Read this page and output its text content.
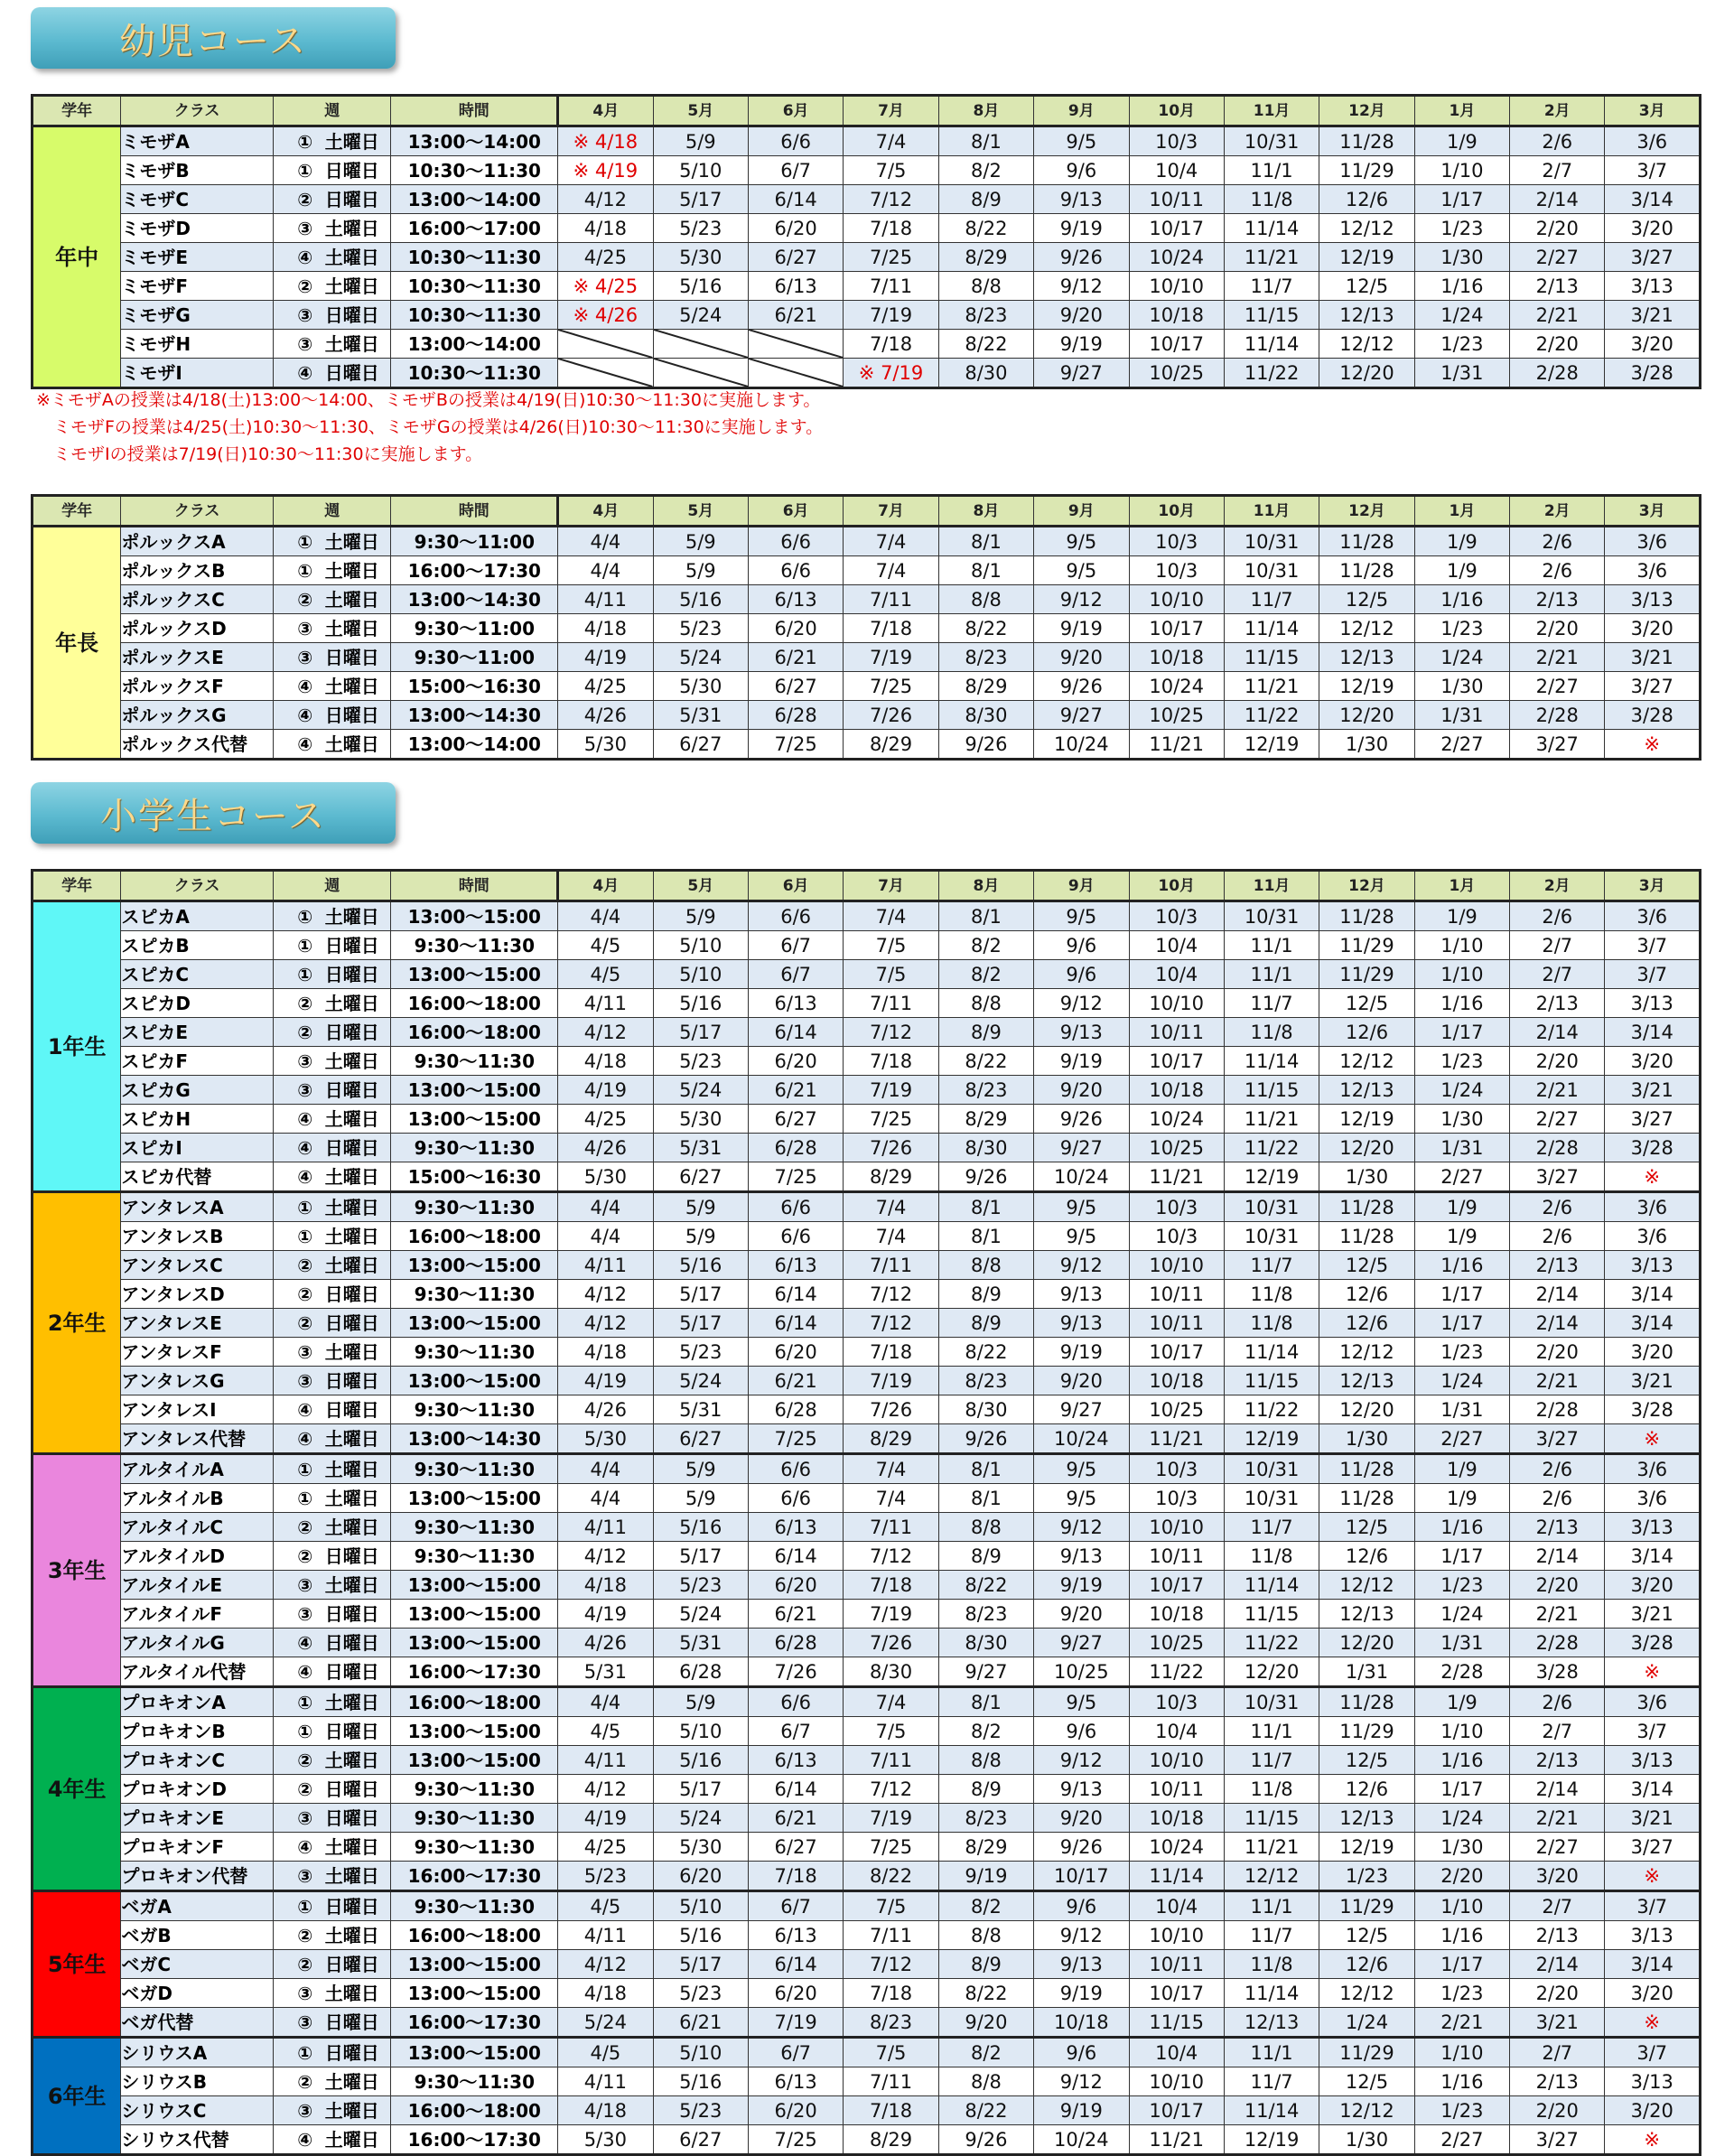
幼児コース
小学生コース
学年	クラス	週	時間	4月	5月	6月	7月	8月	9月	10月	11月	12月	1月	2月	3月
年中	ミモザA	① 土曜日	13:00〜14:00	※ 4/18	5/9	6/6	7/4	8/1	9/5	10/3	10/31	11/28	1/9	2/6	3/6
	ミモザB	① 日曜日	10:30〜11:30	※ 4/19	5/10	6/7	7/5	8/2	9/6	10/4	11/1	11/29	1/10	2/7	3/7
	ミモザC	② 日曜日	13:00〜14:00	4/12	5/17	6/14	7/12	8/9	9/13	10/11	11/8	12/6	1/17	2/14	3/14
	ミモザD	③ 土曜日	16:00〜17:00	4/18	5/23	6/20	7/18	8/22	9/19	10/17	11/14	12/12	1/23	2/20	3/20
	ミモザE	④ 土曜日	10:30〜11:30	4/25	5/30	6/27	7/25	8/29	9/26	10/24	11/21	12/19	1/30	2/27	3/27
	ミモザF	② 土曜日	10:30〜11:30	※ 4/25	5/16	6/13	7/11	8/8	9/12	10/10	11/7	12/5	1/16	2/13	3/13
	ミモザG	③ 日曜日	10:30〜11:30	※ 4/26	5/24	6/21	7/19	8/23	9/20	10/18	11/15	12/13	1/24	2/21	3/21
	ミモザH	③ 土曜日	13:00〜14:00				7/18	8/22	9/19	10/17	11/14	12/12	1/23	2/20	3/20
	ミモザI	④ 日曜日	10:30〜11:30				※ 7/19	8/30	9/27	10/25	11/22	12/20	1/31	2/28	3/28
学年	クラス	週	時間	4月	5月	6月	7月	8月	9月	10月	11月	12月	1月	2月	3月
年長	ポルックスA	① 土曜日	9:30〜11:00	4/4	5/9	6/6	7/4	8/1	9/5	10/3	10/31	11/28	1/9	2/6	3/6
	ポルックスB	① 土曜日	16:00〜17:30	4/4	5/9	6/6	7/4	8/1	9/5	10/3	10/31	11/28	1/9	2/6	3/6
	ポルックスC	② 土曜日	13:00〜14:30	4/11	5/16	6/13	7/11	8/8	9/12	10/10	11/7	12/5	1/16	2/13	3/13
	ポルックスD	③ 土曜日	9:30〜11:00	4/18	5/23	6/20	7/18	8/22	9/19	10/17	11/14	12/12	1/23	2/20	3/20
	ポルックスE	③ 日曜日	9:30〜11:00	4/19	5/24	6/21	7/19	8/23	9/20	10/18	11/15	12/13	1/24	2/21	3/21
	ポルックスF	④ 土曜日	15:00〜16:30	4/25	5/30	6/27	7/25	8/29	9/26	10/24	11/21	12/19	1/30	2/27	3/27
	ポルックスG	④ 日曜日	13:00〜14:30	4/26	5/31	6/28	7/26	8/30	9/27	10/25	11/22	12/20	1/31	2/28	3/28
	ポルックス代替	④ 土曜日	13:00〜14:00	5/30	6/27	7/25	8/29	9/26	10/24	11/21	12/19	1/30	2/27	3/27	※
学年	クラス	週	時間	4月	5月	6月	7月	8月	9月	10月	11月	12月	1月	2月	3月
1年生	スピカA	① 土曜日	13:00〜15:00	4/4	5/9	6/6	7/4	8/1	9/5	10/3	10/31	11/28	1/9	2/6	3/6
	スピカB	① 日曜日	9:30〜11:30	4/5	5/10	6/7	7/5	8/2	9/6	10/4	11/1	11/29	1/10	2/7	3/7
	スピカC	① 日曜日	13:00〜15:00	4/5	5/10	6/7	7/5	8/2	9/6	10/4	11/1	11/29	1/10	2/7	3/7
	スピカD	② 土曜日	16:00〜18:00	4/11	5/16	6/13	7/11	8/8	9/12	10/10	11/7	12/5	1/16	2/13	3/13
	スピカE	② 日曜日	16:00〜18:00	4/12	5/17	6/14	7/12	8/9	9/13	10/11	11/8	12/6	1/17	2/14	3/14
	スピカF	③ 土曜日	9:30〜11:30	4/18	5/23	6/20	7/18	8/22	9/19	10/17	11/14	12/12	1/23	2/20	3/20
	スピカG	③ 日曜日	13:00〜15:00	4/19	5/24	6/21	7/19	8/23	9/20	10/18	11/15	12/13	1/24	2/21	3/21
	スピカH	④ 土曜日	13:00〜15:00	4/25	5/30	6/27	7/25	8/29	9/26	10/24	11/21	12/19	1/30	2/27	3/27
	スピカI	④ 日曜日	9:30〜11:30	4/26	5/31	6/28	7/26	8/30	9/27	10/25	11/22	12/20	1/31	2/28	3/28
	スピカ代替	④ 土曜日	15:00〜16:30	5/30	6/27	7/25	8/29	9/26	10/24	11/21	12/19	1/30	2/27	3/27	※
2年生	アンタレスA	① 土曜日	9:30〜11:30	4/4	5/9	6/6	7/4	8/1	9/5	10/3	10/31	11/28	1/9	2/6	3/6
	アンタレスB	① 土曜日	16:00〜18:00	4/4	5/9	6/6	7/4	8/1	9/5	10/3	10/31	11/28	1/9	2/6	3/6
	アンタレスC	② 土曜日	13:00〜15:00	4/11	5/16	6/13	7/11	8/8	9/12	10/10	11/7	12/5	1/16	2/13	3/13
	アンタレスD	② 日曜日	9:30〜11:30	4/12	5/17	6/14	7/12	8/9	9/13	10/11	11/8	12/6	1/17	2/14	3/14
	アンタレスE	② 日曜日	13:00〜15:00	4/12	5/17	6/14	7/12	8/9	9/13	10/11	11/8	12/6	1/17	2/14	3/14
	アンタレスF	③ 土曜日	9:30〜11:30	4/18	5/23	6/20	7/18	8/22	9/19	10/17	11/14	12/12	1/23	2/20	3/20
	アンタレスG	③ 日曜日	13:00〜15:00	4/19	5/24	6/21	7/19	8/23	9/20	10/18	11/15	12/13	1/24	2/21	3/21
	アンタレスI	④ 日曜日	9:30〜11:30	4/26	5/31	6/28	7/26	8/30	9/27	10/25	11/22	12/20	1/31	2/28	3/28
	アンタレス代替	④ 土曜日	13:00〜14:30	5/30	6/27	7/25	8/29	9/26	10/24	11/21	12/19	1/30	2/27	3/27	※
3年生	アルタイルA	① 土曜日	9:30〜11:30	4/4	5/9	6/6	7/4	8/1	9/5	10/3	10/31	11/28	1/9	2/6	3/6
	アルタイルB	① 土曜日	13:00〜15:00	4/4	5/9	6/6	7/4	8/1	9/5	10/3	10/31	11/28	1/9	2/6	3/6
	アルタイルC	② 土曜日	9:30〜11:30	4/11	5/16	6/13	7/11	8/8	9/12	10/10	11/7	12/5	1/16	2/13	3/13
	アルタイルD	② 日曜日	9:30〜11:30	4/12	5/17	6/14	7/12	8/9	9/13	10/11	11/8	12/6	1/17	2/14	3/14
	アルタイルE	③ 土曜日	13:00〜15:00	4/18	5/23	6/20	7/18	8/22	9/19	10/17	11/14	12/12	1/23	2/20	3/20
	アルタイルF	③ 日曜日	13:00〜15:00	4/19	5/24	6/21	7/19	8/23	9/20	10/18	11/15	12/13	1/24	2/21	3/21
	アルタイルG	④ 日曜日	13:00〜15:00	4/26	5/31	6/28	7/26	8/30	9/27	10/25	11/22	12/20	1/31	2/28	3/28
	アルタイル代替	④ 日曜日	16:00〜17:30	5/31	6/28	7/26	8/30	9/27	10/25	11/22	12/20	1/31	2/28	3/28	※
4年生	プロキオンA	① 土曜日	16:00〜18:00	4/4	5/9	6/6	7/4	8/1	9/5	10/3	10/31	11/28	1/9	2/6	3/6
	プロキオンB	① 日曜日	13:00〜15:00	4/5	5/10	6/7	7/5	8/2	9/6	10/4	11/1	11/29	1/10	2/7	3/7
	プロキオンC	② 土曜日	13:00〜15:00	4/11	5/16	6/13	7/11	8/8	9/12	10/10	11/7	12/5	1/16	2/13	3/13
	プロキオンD	② 日曜日	9:30〜11:30	4/12	5/17	6/14	7/12	8/9	9/13	10/11	11/8	12/6	1/17	2/14	3/14
	プロキオンE	③ 日曜日	9:30〜11:30	4/19	5/24	6/21	7/19	8/23	9/20	10/18	11/15	12/13	1/24	2/21	3/21
	プロキオンF	④ 土曜日	9:30〜11:30	4/25	5/30	6/27	7/25	8/29	9/26	10/24	11/21	12/19	1/30	2/27	3/27
	プロキオン代替	③ 土曜日	16:00〜17:30	5/23	6/20	7/18	8/22	9/19	10/17	11/14	12/12	1/23	2/20	3/20	※
5年生	ベガA	① 日曜日	9:30〜11:30	4/5	5/10	6/7	7/5	8/2	9/6	10/4	11/1	11/29	1/10	2/7	3/7
	ベガB	② 土曜日	16:00〜18:00	4/11	5/16	6/13	7/11	8/8	9/12	10/10	11/7	12/5	1/16	2/13	3/13
	ベガC	② 日曜日	13:00〜15:00	4/12	5/17	6/14	7/12	8/9	9/13	10/11	11/8	12/6	1/17	2/14	3/14
	ベガD	③ 土曜日	13:00〜15:00	4/18	5/23	6/20	7/18	8/22	9/19	10/17	11/14	12/12	1/23	2/20	3/20
	ベガ代替	③ 日曜日	16:00〜17:30	5/24	6/21	7/19	8/23	9/20	10/18	11/15	12/13	1/24	2/21	3/21	※
6年生	シリウスA	① 日曜日	13:00〜15:00	4/5	5/10	6/7	7/5	8/2	9/6	10/4	11/1	11/29	1/10	2/7	3/7
	シリウスB	② 土曜日	9:30〜11:30	4/11	5/16	6/13	7/11	8/8	9/12	10/10	11/7	12/5	1/16	2/13	3/13
	シリウスC	③ 土曜日	16:00〜18:00	4/18	5/23	6/20	7/18	8/22	9/19	10/17	11/14	12/12	1/23	2/20	3/20
	シリウス代替	④ 土曜日	16:00〜17:30	5/30	6/27	7/25	8/29	9/26	10/24	11/21	12/19	1/30	2/27	3/27	※
※ミモザAの授業は4/18(土)13:00〜14:00、ミモザBの授業は4/19(日)10:30〜11:30に実施します。
　ミモザFの授業は4/25(土)10:30〜11:30、ミモザGの授業は4/26(日)10:30〜11:30に実施します。
　ミモザIの授業は7/19(日)10:30〜11:30に実施します。
